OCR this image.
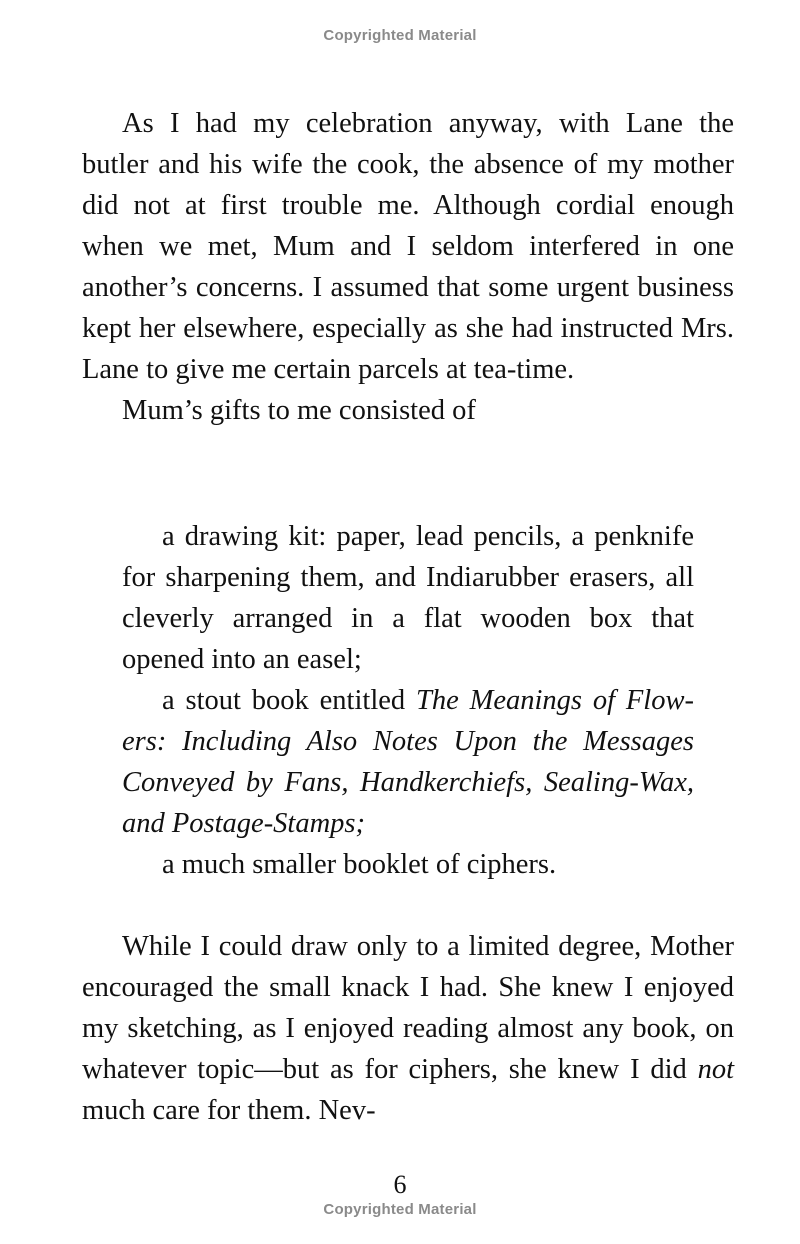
Copyrighted Material

As I had my celebration anyway, with Lane the butler and his wife the cook, the absence of my mother did not at first trouble me. Although cordial enough when we met, Mum and I seldom interfered in one another’s concerns. I assumed that some urgent business kept her elsewhere, especially as she had instructed Mrs. Lane to give me certain parcels at tea-time.

Mum’s gifts to me consisted of

a drawing kit: paper, lead pencils, a penknife for sharpening them, and Indiarubber erasers, all cleverly arranged in a flat wooden box that opened into an easel;

a stout book entitled The Meanings of Flowers: Including Also Notes Upon the Messages Conveyed by Fans, Handkerchiefs, Sealing-Wax, and Postage-Stamps;

a much smaller booklet of ciphers.

While I could draw only to a limited degree, Mother encouraged the small knack I had. She knew I enjoyed my sketching, as I enjoyed reading almost any book, on whatever topic—but as for ciphers, she knew I did not much care for them. Nev-

6
Copyrighted Material
